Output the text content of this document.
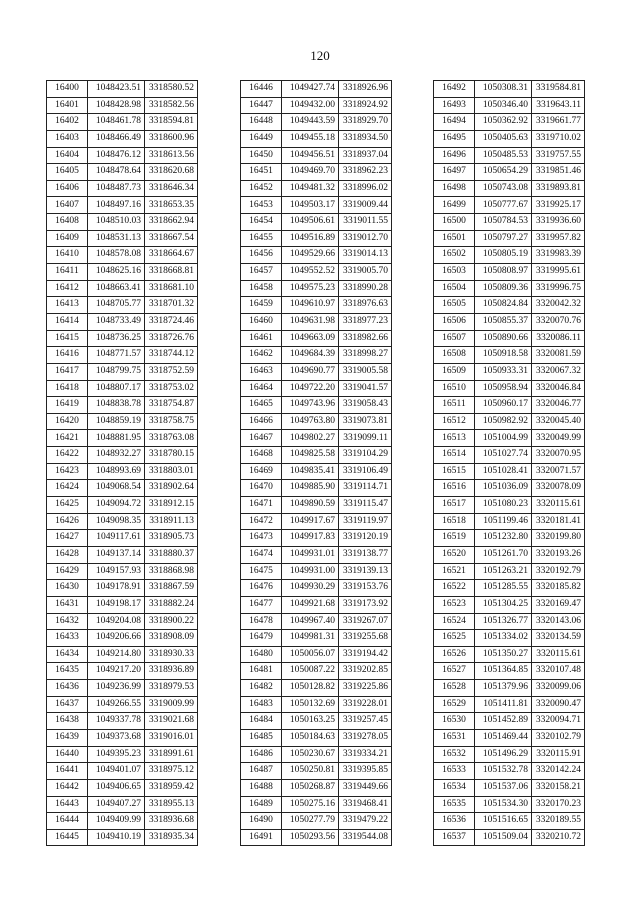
120
16400	1048423.51	3318580.52
16401	1048428.98	3318582.56
16402	1048461.78	3318594.81
16403	1048466.49	3318600.96
16404	1048476.12	3318613.56
16405	1048478.64	3318620.68
16406	1048487.73	3318646.34
16407	1048497.16	3318653.35
16408	1048510.03	3318662.94
16409	1048531.13	3318667.54
16410	1048578.08	3318664.67
16411	1048625.16	3318668.81
16412	1048663.41	3318681.10
16413	1048705.77	3318701.32
16414	1048733.49	3318724.46
16415	1048736.25	3318726.76
16416	1048771.57	3318744.12
16417	1048799.75	3318752.59
16418	1048807.17	3318753.02
16419	1048838.78	3318754.87
16420	1048859.19	3318758.75
16421	1048881.95	3318763.08
16422	1048932.27	3318780.15
16423	1048993.69	3318803.01
16424	1049068.54	3318902.64
16425	1049094.72	3318912.15
16426	1049098.35	3318911.13
16427	1049117.61	3318905.73
16428	1049137.14	3318880.37
16429	1049157.93	3318868.98
16430	1049178.91	3318867.59
16431	1049198.17	3318882.24
16432	1049204.08	3318900.22
16433	1049206.66	3318908.09
16434	1049214.80	3318930.33
16435	1049217.20	3318936.89
16436	1049236.99	3318979.53
16437	1049266.55	3319009.99
16438	1049337.78	3319021.68
16439	1049373.68	3319016.01
16440	1049395.23	3318991.61
16441	1049401.07	3318975.12
16442	1049406.65	3318959.42
16443	1049407.27	3318955.13
16444	1049409.99	3318936.68
16445	1049410.19	3318935.34
16446	1049427.74	3318926.96
16447	1049432.00	3318924.92
16448	1049443.59	3318929.70
16449	1049455.18	3318934.50
16450	1049456.51	3318937.04
16451	1049469.70	3318962.23
16452	1049481.32	3318996.02
16453	1049503.17	3319009.44
16454	1049506.61	3319011.55
16455	1049516.89	3319012.70
16456	1049529.66	3319014.13
16457	1049552.52	3319005.70
16458	1049575.23	3318990.28
16459	1049610.97	3318976.63
16460	1049631.98	3318977.23
16461	1049663.09	3318982.66
16462	1049684.39	3318998.27
16463	1049690.77	3319005.58
16464	1049722.20	3319041.57
16465	1049743.96	3319058.43
16466	1049763.80	3319073.81
16467	1049802.27	3319099.11
16468	1049825.58	3319104.29
16469	1049835.41	3319106.49
16470	1049885.90	3319114.71
16471	1049890.59	3319115.47
16472	1049917.67	3319119.97
16473	1049917.83	3319120.19
16474	1049931.01	3319138.77
16475	1049931.00	3319139.13
16476	1049930.29	3319153.76
16477	1049921.68	3319173.92
16478	1049967.40	3319267.07
16479	1049981.31	3319255.68
16480	1050056.07	3319194.42
16481	1050087.22	3319202.85
16482	1050128.82	3319225.86
16483	1050132.69	3319228.01
16484	1050163.25	3319257.45
16485	1050184.63	3319278.05
16486	1050230.67	3319334.21
16487	1050250.81	3319395.85
16488	1050268.87	3319449.66
16489	1050275.16	3319468.41
16490	1050277.79	3319479.22
16491	1050293.56	3319544.08
16492	1050308.31	3319584.81
16493	1050346.40	3319643.11
16494	1050362.92	3319661.77
16495	1050405.63	3319710.02
16496	1050485.53	3319757.55
16497	1050654.29	3319851.46
16498	1050743.08	3319893.81
16499	1050777.67	3319925.17
16500	1050784.53	3319936.60
16501	1050797.27	3319957.82
16502	1050805.19	3319983.39
16503	1050808.97	3319995.61
16504	1050809.36	3319996.75
16505	1050824.84	3320042.32
16506	1050855.37	3320070.76
16507	1050890.66	3320086.11
16508	1050918.58	3320081.59
16509	1050933.31	3320067.32
16510	1050958.94	3320046.84
16511	1050960.17	3320046.77
16512	1050982.92	3320045.40
16513	1051004.99	3320049.99
16514	1051027.74	3320070.95
16515	1051028.41	3320071.57
16516	1051036.09	3320078.09
16517	1051080.23	3320115.61
16518	1051199.46	3320181.41
16519	1051232.80	3320199.80
16520	1051261.70	3320193.26
16521	1051263.21	3320192.79
16522	1051285.55	3320185.82
16523	1051304.25	3320169.47
16524	1051326.77	3320143.06
16525	1051334.02	3320134.59
16526	1051350.27	3320115.61
16527	1051364.85	3320107.48
16528	1051379.96	3320099.06
16529	1051411.81	3320090.47
16530	1051452.89	3320094.71
16531	1051469.44	3320102.79
16532	1051496.29	3320115.91
16533	1051532.78	3320142.24
16534	1051537.06	3320158.21
16535	1051534.30	3320170.23
16536	1051516.65	3320189.55
16537	1051509.04	3320210.72
